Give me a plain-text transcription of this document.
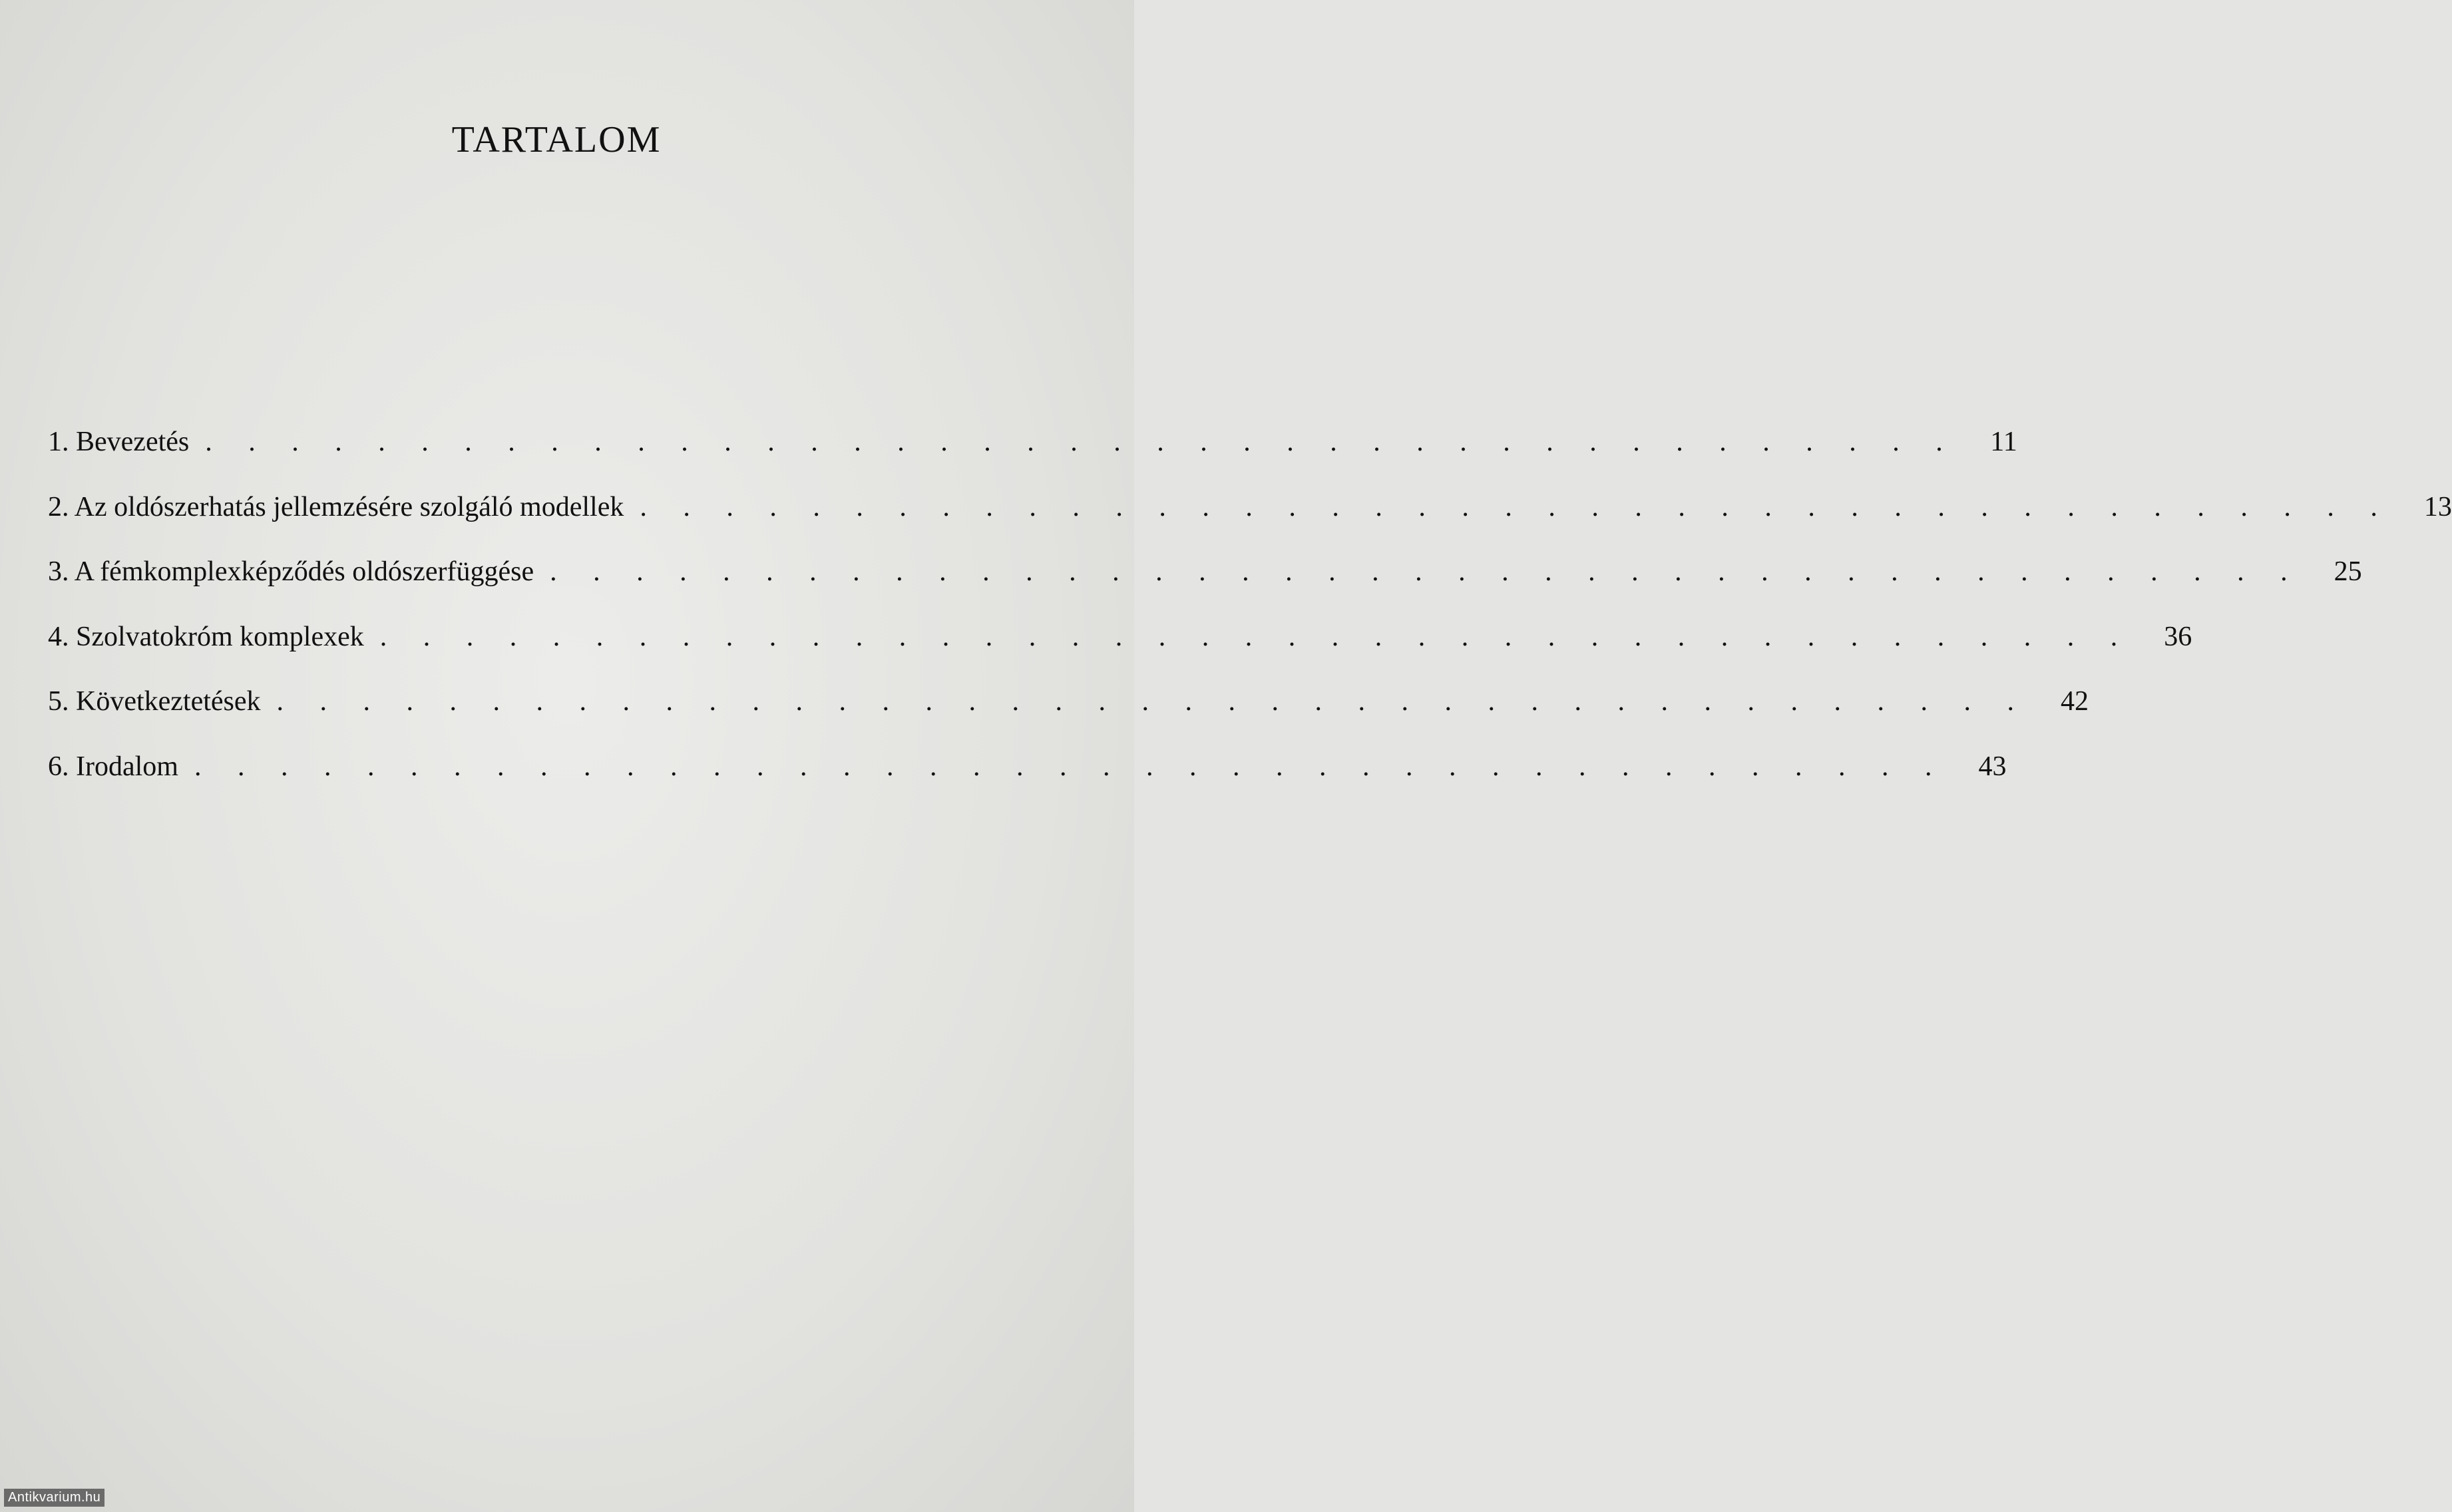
TARTALOM
1. Bevezetés . . . . . . . . . . . . . . . . . . . . . . . . . . . . . . . . . . . . . . . . .	11
2. Az oldószerhatás jellemzésére szolgáló modellek . . . . . . . . . . . . . . . . . . . . . . . . . . . . . . . . . . . . . . . . .	13
3. A fémkomplexképződés oldószerfüggése . . . . . . . . . . . . . . . . . . . . . . . . . . . . . . . . . . . . . . . . .	25
4. Szolvatokróm komplexek . . . . . . . . . . . . . . . . . . . . . . . . . . . . . . . . . . . . . . . . .	36
5. Következtetések . . . . . . . . . . . . . . . . . . . . . . . . . . . . . . . . . . . . . . . . .	42
6. Irodalom . . . . . . . . . . . . . . . . . . . . . . . . . . . . . . . . . . . . . . . . .	43
Antikvarium.hu
